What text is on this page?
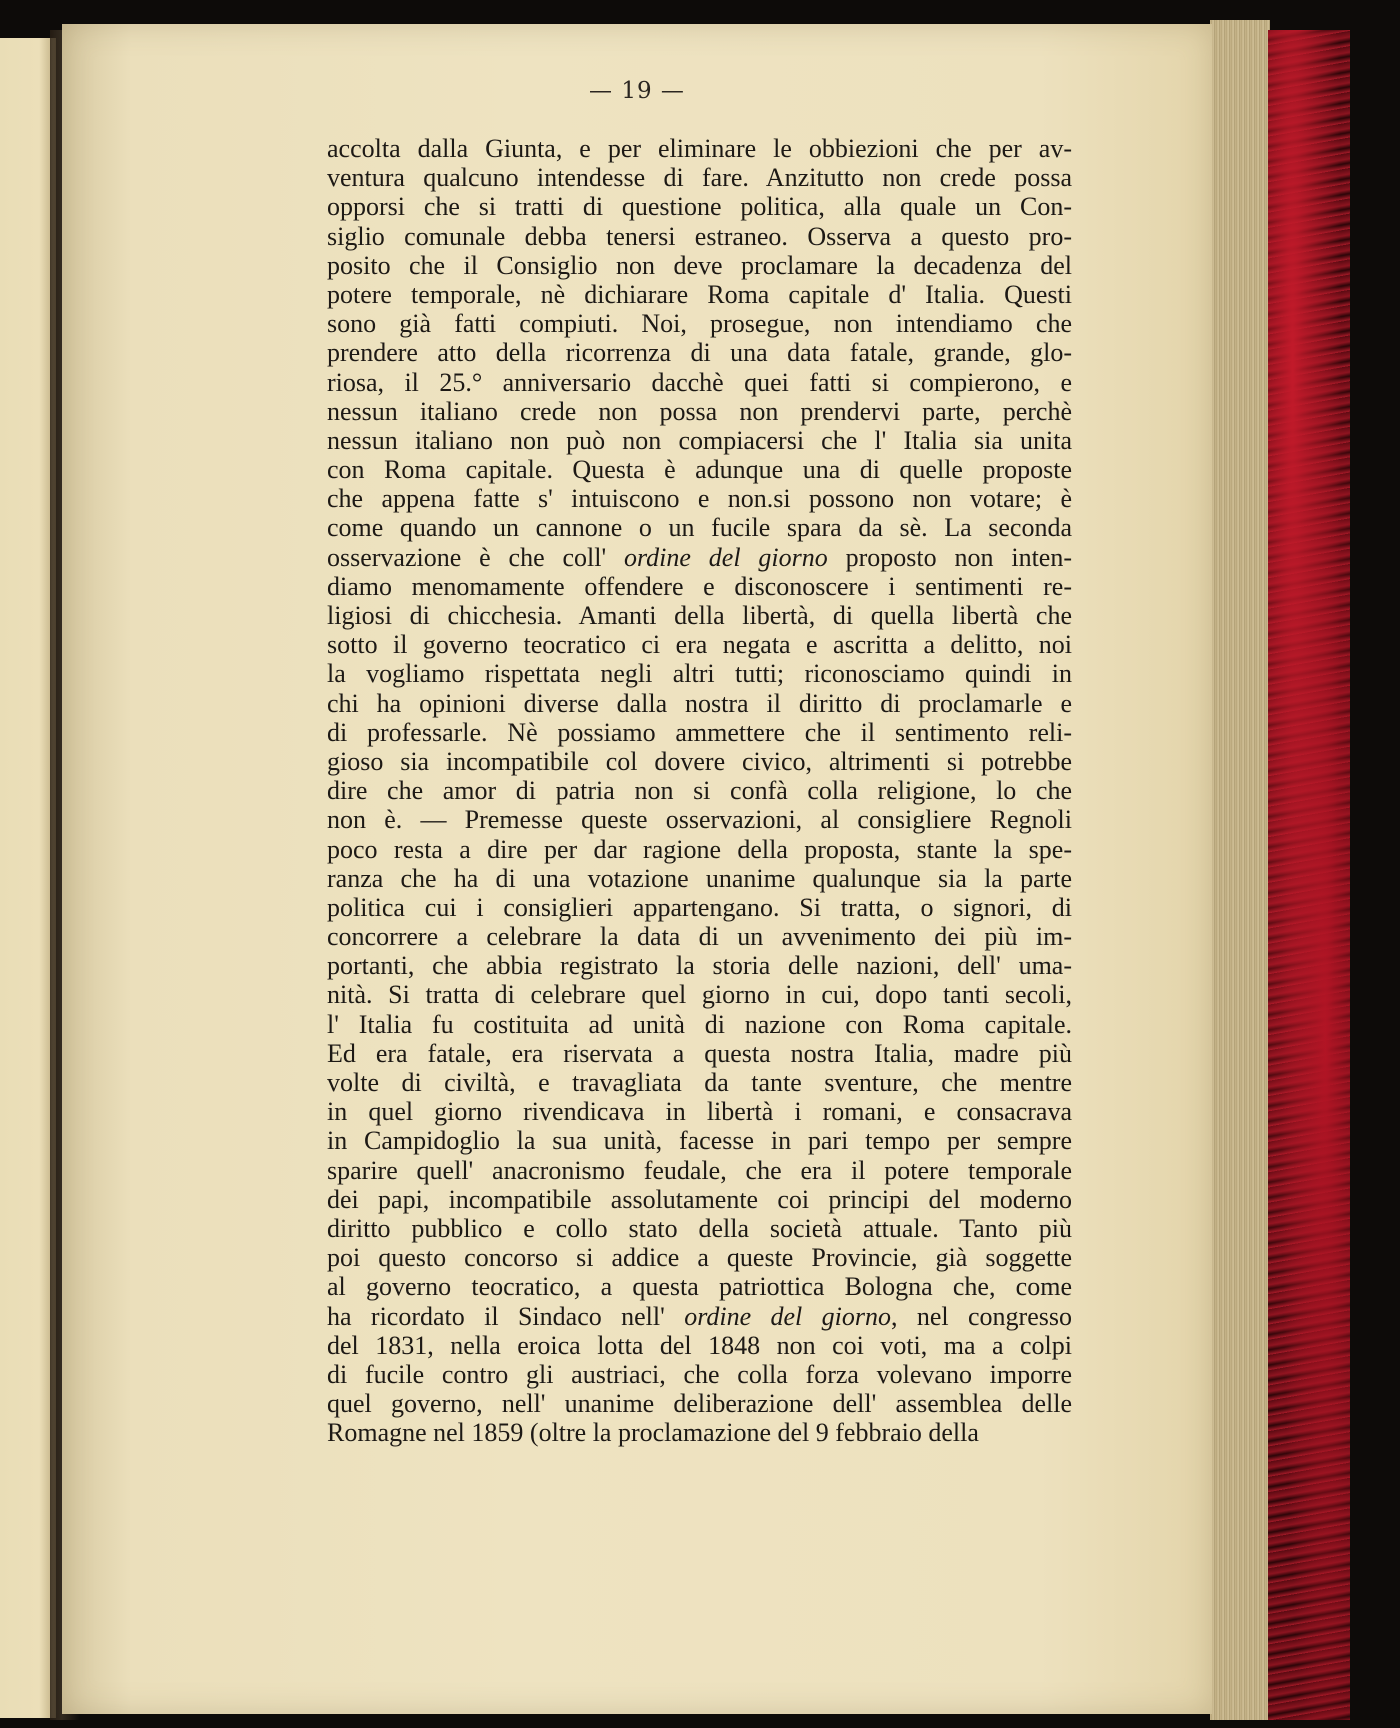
— 19 —
accolta dalla Giunta, e per eliminare le obbiezioni che per av-
ventura qualcuno intendesse di fare. Anzitutto non crede possa
opporsi che si tratti di questione politica, alla quale un Con-
siglio comunale debba tenersi estraneo. Osserva a questo pro-
posito che il Consiglio non deve proclamare la decadenza del
potere temporale, nè dichiarare Roma capitale d' Italia. Questi
sono già fatti compiuti. Noi, prosegue, non intendiamo che
prendere atto della ricorrenza di una data fatale, grande, glo-
riosa, il 25.° anniversario dacchè quei fatti si compierono, e
nessun italiano crede non possa non prendervi parte, perchè
nessun italiano non può non compiacersi che l' Italia sia unita
con Roma capitale. Questa è adunque una di quelle proposte
che appena fatte s' intuiscono e non.si possono non votare; è
come quando un cannone o un fucile spara da sè. La seconda
osservazione è che coll' ordine del giorno proposto non inten-
diamo menomamente offendere e disconoscere i sentimenti re-
ligiosi di chicchesia. Amanti della libertà, di quella libertà che
sotto il governo teocratico ci era negata e ascritta a delitto, noi
la vogliamo rispettata negli altri tutti; riconosciamo quindi in
chi ha opinioni diverse dalla nostra il diritto di proclamarle e
di professarle. Nè possiamo ammettere che il sentimento reli-
gioso sia incompatibile col dovere civico, altrimenti si potrebbe
dire che amor di patria non si confà colla religione, lo che
non è. — Premesse queste osservazioni, al consigliere Regnoli
poco resta a dire per dar ragione della proposta, stante la spe-
ranza che ha di una votazione unanime qualunque sia la parte
politica cui i consiglieri appartengano. Si tratta, o signori, di
concorrere a celebrare la data di un avvenimento dei più im-
portanti, che abbia registrato la storia delle nazioni, dell' uma-
nità. Si tratta di celebrare quel giorno in cui, dopo tanti secoli,
l' Italia fu costituita ad unità di nazione con Roma capitale.
Ed era fatale, era riservata a questa nostra Italia, madre più
volte di civiltà, e travagliata da tante sventure, che mentre
in quel giorno rivendicava in libertà i romani, e consacrava
in Campidoglio la sua unità, facesse in pari tempo per sempre
sparire quell' anacronismo feudale, che era il potere temporale
dei papi, incompatibile assolutamente coi principi del moderno
diritto pubblico e collo stato della società attuale. Tanto più
poi questo concorso si addice a queste Provincie, già soggette
al governo teocratico, a questa patriottica Bologna che, come
ha ricordato il Sindaco nell' ordine del giorno, nel congresso
del 1831, nella eroica lotta del 1848 non coi voti, ma a colpi
di fucile contro gli austriaci, che colla forza volevano imporre
quel governo, nell' unanime deliberazione dell' assemblea delle
Romagne nel 1859 (oltre la proclamazione del 9 febbraio della
